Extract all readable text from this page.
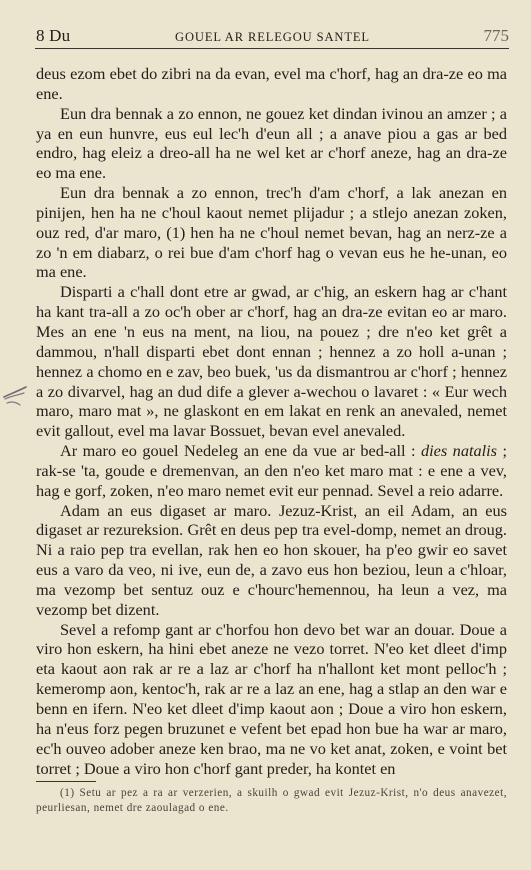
8 Du	GOUEL AR RELEGOU SANTEL	775

deus ezom ebet do zibri na da evan, evel ma c'horf, hag an dra-ze eo ma ene.

Eun dra bennak a zo ennon, ne gouez ket dindan ivinou an amzer ; a ya en eun hunvre, eus eul lec'h d'eun all ; a anave piou a gas ar bed endro, hag eleiz a dreo-all ha ne wel ket ar c'horf aneze, hag an dra-ze eo ma ene.

Eun dra bennak a zo ennon, trec'h d'am c'horf, a lak anezan en pinijen, hen ha ne c'houl kaout nemet plijadur ; a stlejo anezan zoken, ouz red, d'ar maro, (1) hen ha ne c'houl nemet bevan, hag an nerz-ze a zo 'n em diabarz, o rei bue d'am c'horf hag o vevan eus he he-unan, eo ma ene.

Disparti a c'hall dont etre ar gwad, ar c'hig, an eskern hag ar c'hant ha kant tra-all a zo oc'h ober ar c'horf, hag an dra-ze evitan eo ar maro. Mes an ene 'n eus na ment, na liou, na pouez ; dre n'eo ket grêt a dammou, n'hall disparti ebet dont ennan ; hennez a zo holl a-unan ; hennez a chomo en e zav, beo buek, 'us da dismantrou ar c'horf ; hennez a zo divarvel, hag an dud dife a glever a-wechou o lavaret : « Eur wech maro, maro mat », ne glaskont en em lakat en renk an anevaled, nemet evit gallout, evel ma lavar Bossuet, bevan evel anevaled.

Ar maro eo gouel Nedeleg an ene da vue ar bed-all : dies natalis ; rak-se 'ta, goude e dremenvan, an den n'eo ket maro mat : e ene a vev, hag e gorf, zoken, n'eo maro nemet evit eur pennad. Sevel a reio adarre.

Adam an eus digaset ar maro. Jezuz-Krist, an eil Adam, an eus digaset ar rezureksion. Grêt en deus pep tra evel-domp, nemet an droug. Ni a raio pep tra evellan, rak hen eo hon skouer, ha p'eo gwir eo savet eus a varo da veo, ni ive, eun de, a zavo eus hon beziou, leun a c'hloar, ma vezomp bet sentuz ouz e c'hourc'hemennou, ha leun a vez, ma vezomp bet dizent.

Sevel a refomp gant ar c'horfou hon devo bet war an douar. Doue a viro hon eskern, ha hini ebet aneze ne vezo torret. N'eo ket dleet d'imp eta kaout aon rak ar re a laz ar c'horf ha n'hallont ket mont pelloc'h ; kemeromp aon, kentoc'h, rak ar re a laz an ene, hag a stlap an den war e benn en ifern. N'eo ket dleet d'imp kaout aon ; Doue a viro hon eskern, ha n'eus forz pegen bruzunet e vefent bet epad hon bue ha war ar maro, ec'h ouveo adober aneze ken brao, ma ne vo ket anat, zoken, e voint bet torret ; Doue a viro hon c'horf gant preder, ha kontet en

(1) Setu ar pez a ra ar verzerien, a skuilh o gwad evit Jezuz-Krist, n'o deus anavezet, peurliesan, nemet dre zaoulagad o ene.
